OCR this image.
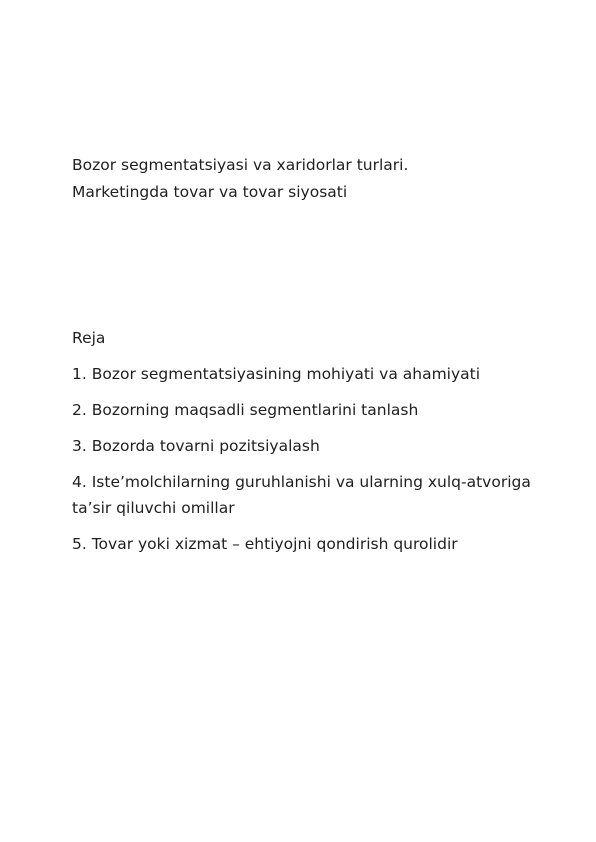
Bozor segmentatsiyasi va xaridorlar turlari.
Marketingda tovar va tovar siyosati
Reja
1. Bozor segmentatsiyasining mohiyati va ahamiyati
2. Bozorning maqsadli segmentlarini tanlash
3. Bozorda tovarni pozitsiyalash
4. Iste’molchilarning guruhlanishi va ularning xulq-atvoriga ta’sir qiluvchi omillar
5. Tovar yoki xizmat – ehtiyojni qondirish qurolidir
